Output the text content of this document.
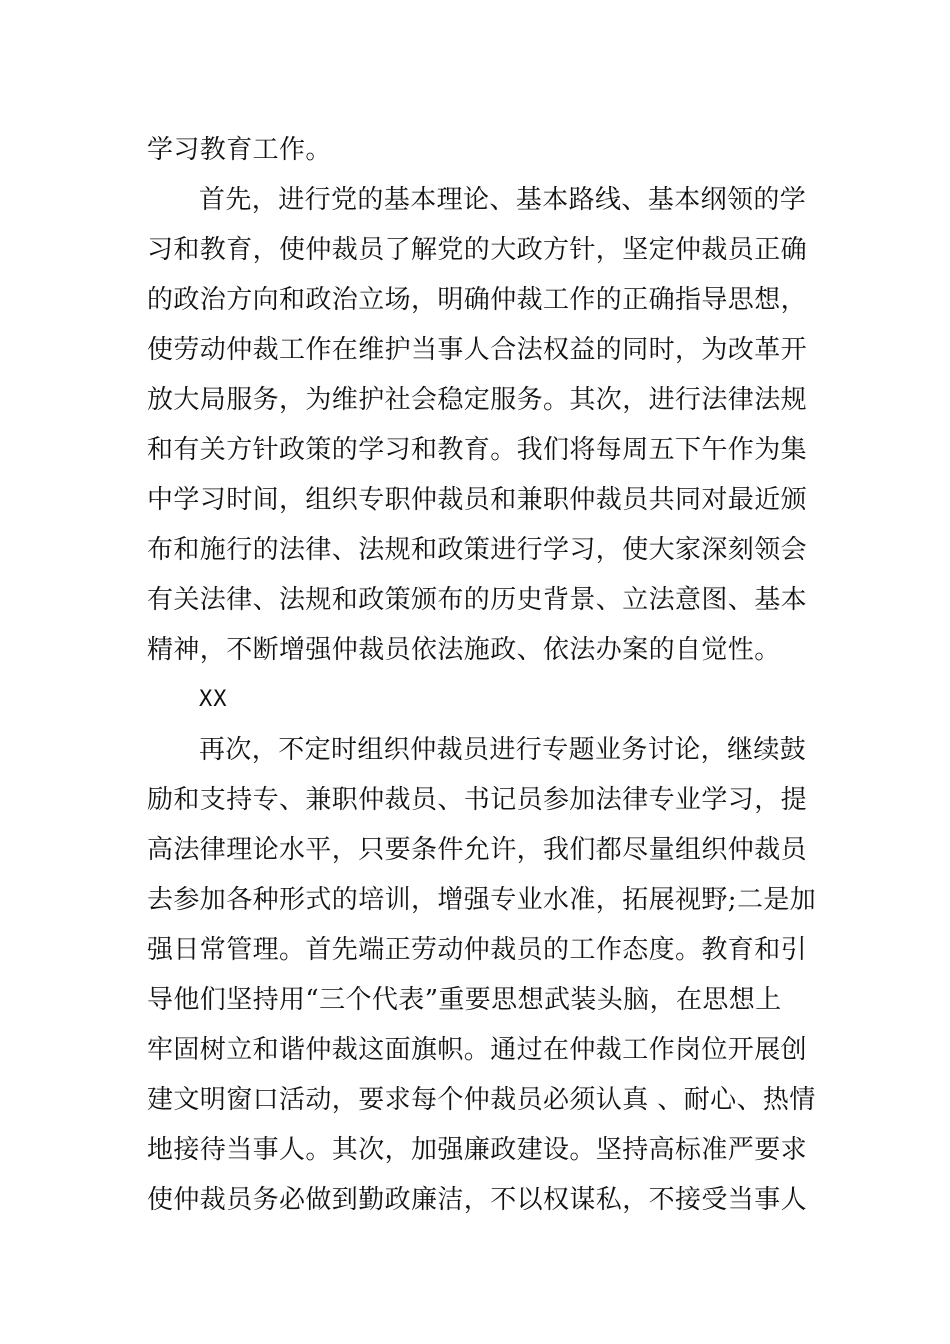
学习教育工作。
首先，进行党的基本理论、基本路线、基本纲领的学
习和教育，使仲裁员了解党的大政方针，坚定仲裁员正确
的政治方向和政治立场，明确仲裁工作的正确指导思想，
使劳动仲裁工作在维护当事人合法权益的同时，为改革开
放大局服务，为维护社会稳定服务。其次，进行法律法规
和有关方针政策的学习和教育。我们将每周五下午作为集
中学习时间，组织专职仲裁员和兼职仲裁员共同对最近颁
布和施行的法律、法规和政策进行学习，使大家深刻领会
有关法律、法规和政策颁布的历史背景、立法意图、基本
精神，不断增强仲裁员依法施政、依法办案的自觉性。
XX
再次，不定时组织仲裁员进行专题业务讨论，继续鼓
励和支持专、兼职仲裁员、书记员参加法律专业学习，提
高法律理论水平，只要条件允许，我们都尽量组织仲裁员
去参加各种形式的培训，增强专业水准，拓展视野;二是加
强日常管理。首先端正劳动仲裁员的工作态度。教育和引
导他们坚持用“三个代表”重要思想武装头脑，在思想上
牢固树立和谐仲裁这面旗帜。通过在仲裁工作岗位开展创
建文明窗口活动，要求每个仲裁员必须认真 、耐心、热情
地接待当事人。其次，加强廉政建设。坚持高标准严要求
使仲裁员务必做到勤政廉洁，不以权谋私，不接受当事人
